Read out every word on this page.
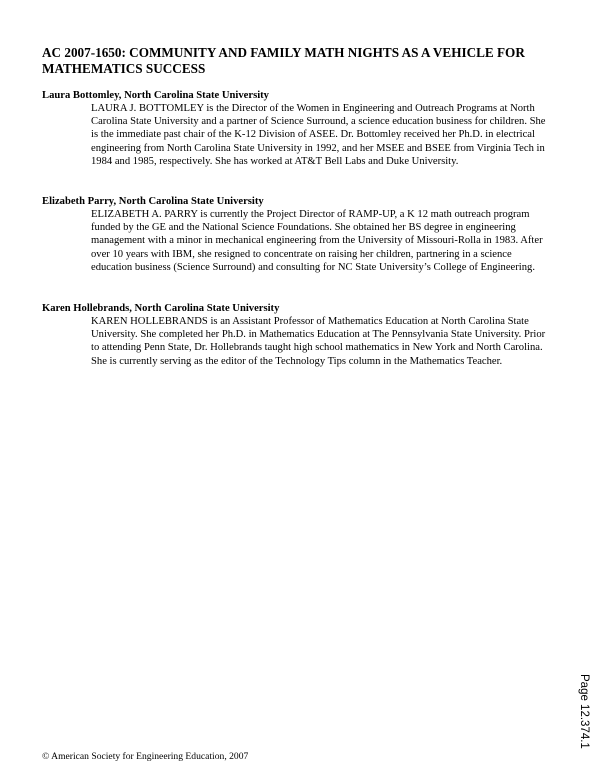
AC 2007-1650: COMMUNITY AND FAMILY MATH NIGHTS AS A VEHICLE FOR MATHEMATICS SUCCESS

Laura Bottomley, North Carolina State University

LAURA J. BOTTOMLEY is the Director of the Women in Engineering and Outreach Programs at North Carolina State University and a partner of Science Surround, a science education business for children. She is the immediate past chair of the K-12 Division of ASEE. Dr. Bottomley received her Ph.D. in electrical engineering from North Carolina State University in 1992, and her MSEE and BSEE from Virginia Tech in 1984 and 1985, respectively. She has worked at AT&T Bell Labs and Duke University.

Elizabeth Parry, North Carolina State University

ELIZABETH A. PARRY is currently the Project Director of RAMP-UP, a K 12 math outreach program funded by the GE and the National Science Foundations. She obtained her BS degree in engineering management with a minor in mechanical engineering from the University of Missouri-Rolla in 1983. After over 10 years with IBM, she resigned to concentrate on raising her children, partnering in a science education business (Science Surround) and consulting for NC State University’s College of Engineering.

Karen Hollebrands, North Carolina State University

KAREN HOLLEBRANDS is an Assistant Professor of Mathematics Education at North Carolina State University. She completed her Ph.D. in Mathematics Education at The Pennsylvania State University. Prior to attending Penn State, Dr. Hollebrands taught high school mathematics in New York and North Carolina. She is currently serving as the editor of the Technology Tips column in the Mathematics Teacher.

Page 12.374.1

© American Society for Engineering Education, 2007
